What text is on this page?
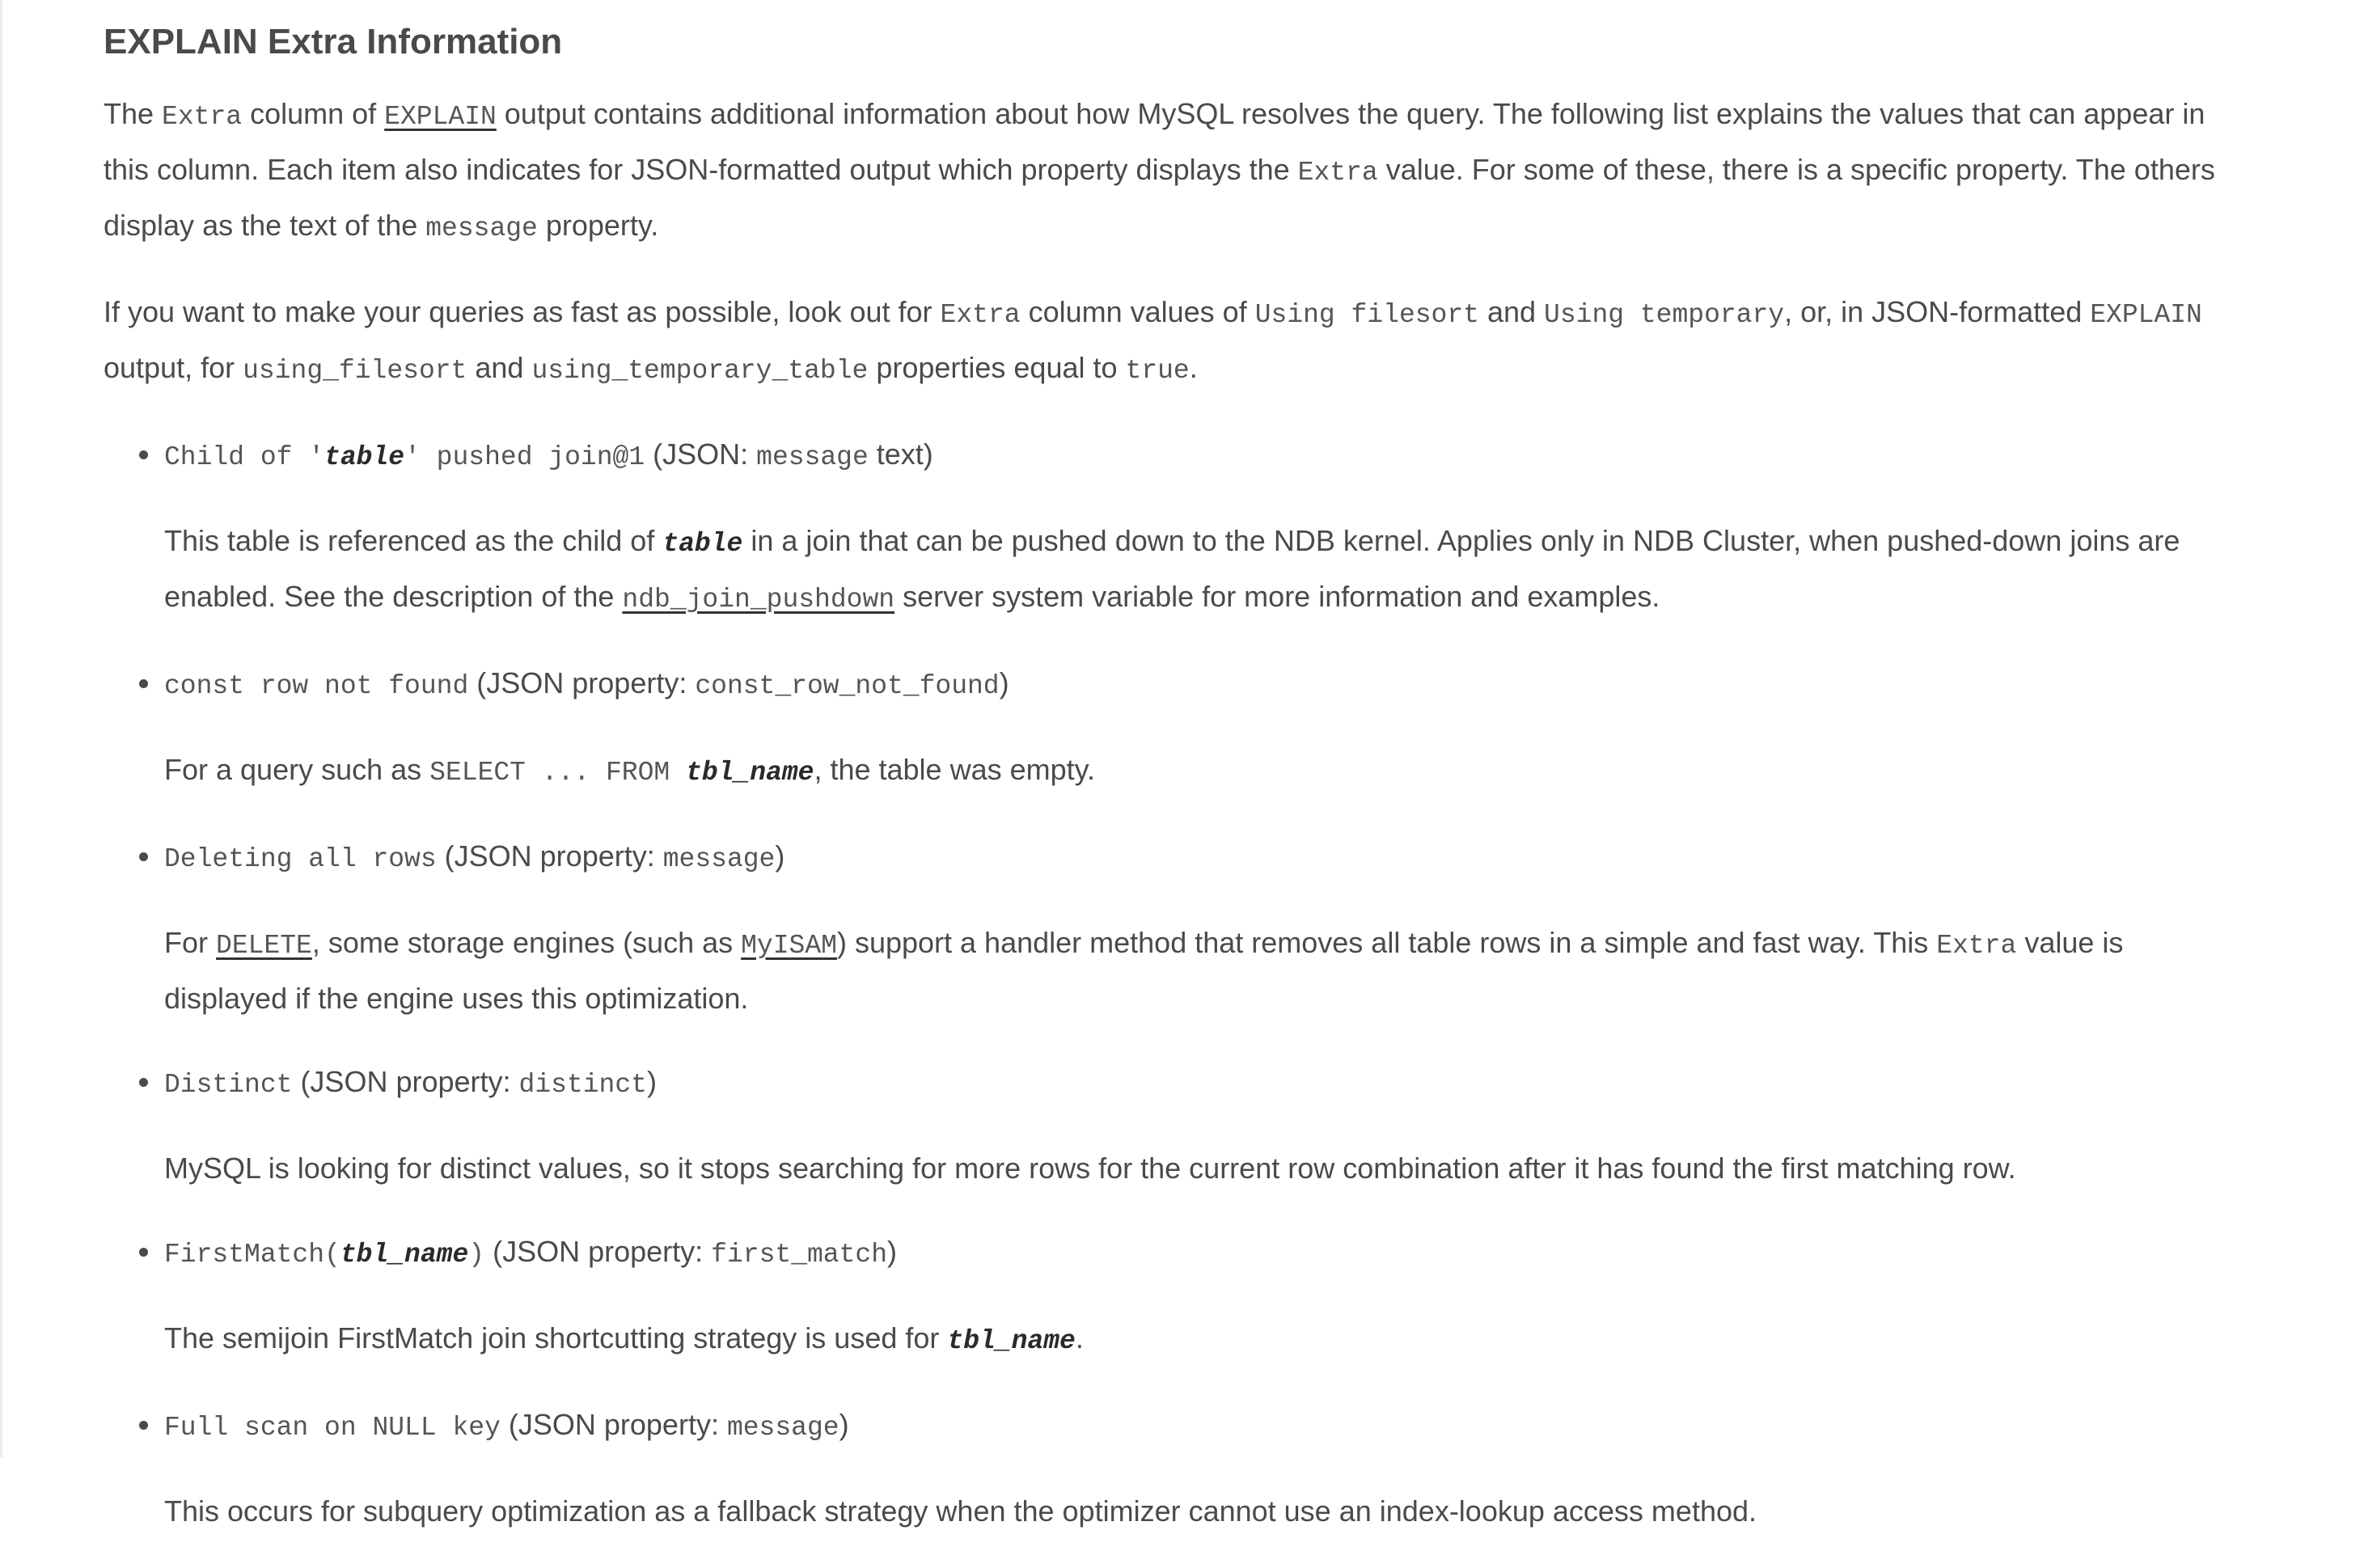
EXPLAIN Extra Information

The Extra column of EXPLAIN output contains additional information about how MySQL resolves the query. The following list explains the values that can appear in this column. Each item also indicates for JSON-formatted output which property displays the Extra value. For some of these, there is a specific property. The others display as the text of the message property.

If you want to make your queries as fast as possible, look out for Extra column values of Using filesort and Using temporary, or, in JSON-formatted EXPLAIN output, for using_filesort and using_temporary_table properties equal to true.

Child of 'table' pushed join@1 (JSON: message text)

This table is referenced as the child of table in a join that can be pushed down to the NDB kernel. Applies only in NDB Cluster, when pushed-down joins are enabled. See the description of the ndb_join_pushdown server system variable for more information and examples.

const row not found (JSON property: const_row_not_found)

For a query such as SELECT ... FROM tbl_name, the table was empty.

Deleting all rows (JSON property: message)

For DELETE, some storage engines (such as MyISAM) support a handler method that removes all table rows in a simple and fast way. This Extra value is displayed if the engine uses this optimization.

Distinct (JSON property: distinct)

MySQL is looking for distinct values, so it stops searching for more rows for the current row combination after it has found the first matching row.

FirstMatch(tbl_name) (JSON property: first_match)

The semijoin FirstMatch join shortcutting strategy is used for tbl_name.

Full scan on NULL key (JSON property: message)

This occurs for subquery optimization as a fallback strategy when the optimizer cannot use an index-lookup access method.
